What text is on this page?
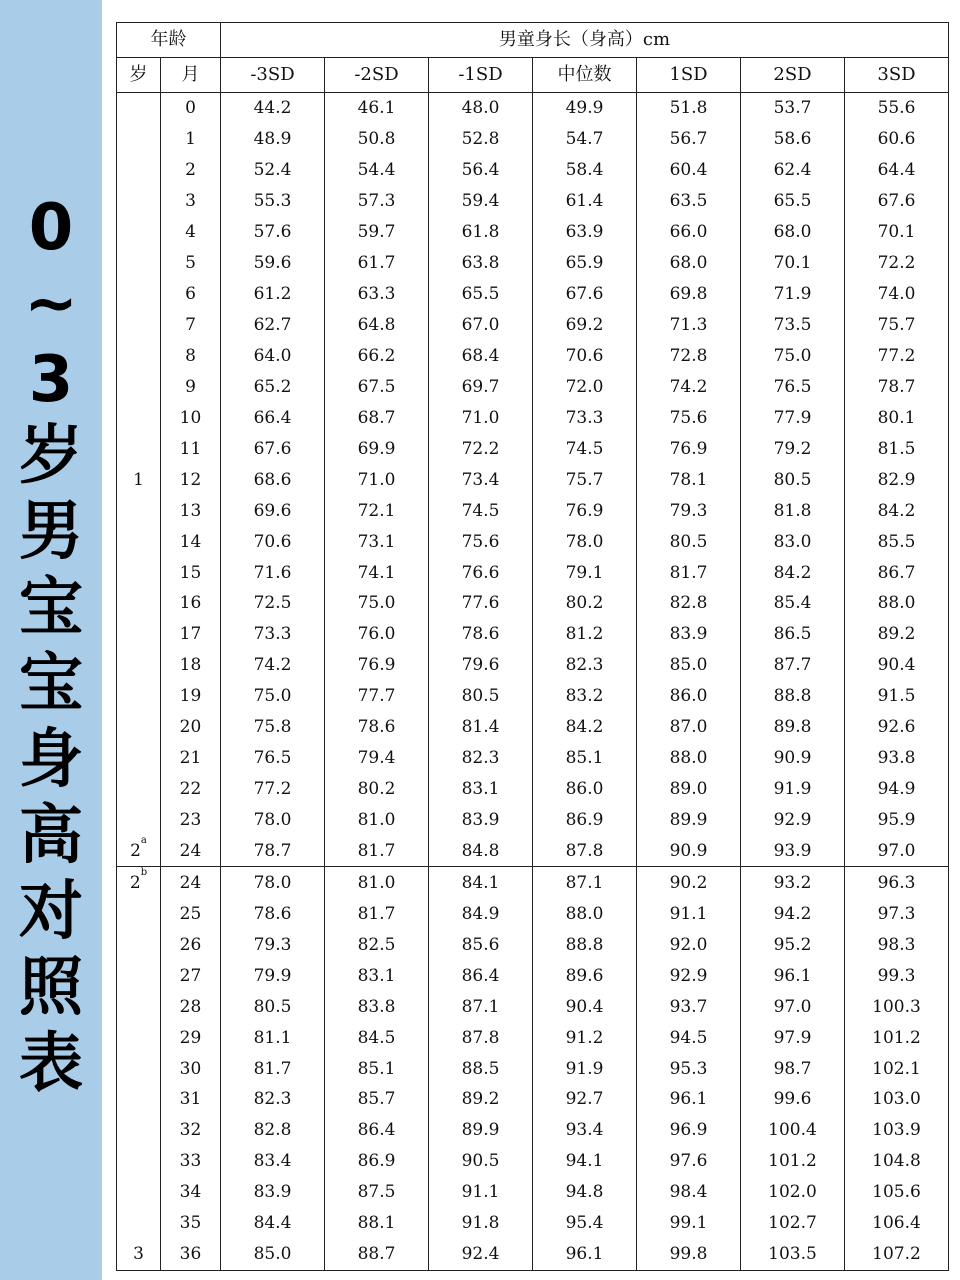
0
~
3
岁
男
宝
宝
身
高
对
照
表
年龄		男童身长（身高）cm						
岁	月	-3SD	-2SD	-1SD	中位数	1SD	2SD	3SD
	0	44.2	46.1	48.0	49.9	51.8	53.7	55.6
	1	48.9	50.8	52.8	54.7	56.7	58.6	60.6
	2	52.4	54.4	56.4	58.4	60.4	62.4	64.4
	3	55.3	57.3	59.4	61.4	63.5	65.5	67.6
	4	57.6	59.7	61.8	63.9	66.0	68.0	70.1
	5	59.6	61.7	63.8	65.9	68.0	70.1	72.2
	6	61.2	63.3	65.5	67.6	69.8	71.9	74.0
	7	62.7	64.8	67.0	69.2	71.3	73.5	75.7
	8	64.0	66.2	68.4	70.6	72.8	75.0	77.2
	9	65.2	67.5	69.7	72.0	74.2	76.5	78.7
	10	66.4	68.7	71.0	73.3	75.6	77.9	80.1
	11	67.6	69.9	72.2	74.5	76.9	79.2	81.5
1	12	68.6	71.0	73.4	75.7	78.1	80.5	82.9
	13	69.6	72.1	74.5	76.9	79.3	81.8	84.2
	14	70.6	73.1	75.6	78.0	80.5	83.0	85.5
	15	71.6	74.1	76.6	79.1	81.7	84.2	86.7
	16	72.5	75.0	77.6	80.2	82.8	85.4	88.0
	17	73.3	76.0	78.6	81.2	83.9	86.5	89.2
	18	74.2	76.9	79.6	82.3	85.0	87.7	90.4
	19	75.0	77.7	80.5	83.2	86.0	88.8	91.5
	20	75.8	78.6	81.4	84.2	87.0	89.8	92.6
	21	76.5	79.4	82.3	85.1	88.0	90.9	93.8
	22	77.2	80.2	83.1	86.0	89.0	91.9	94.9
	23	78.0	81.0	83.9	86.9	89.9	92.9	95.9
2$^a$	24	78.7	81.7	84.8	87.8	90.9	93.9	97.0
2$^b$	24	78.0	81.0	84.1	87.1	90.2	93.2	96.3
	25	78.6	81.7	84.9	88.0	91.1	94.2	97.3
	26	79.3	82.5	85.6	88.8	92.0	95.2	98.3
	27	79.9	83.1	86.4	89.6	92.9	96.1	99.3
	28	80.5	83.8	87.1	90.4	93.7	97.0	100.3
	29	81.1	84.5	87.8	91.2	94.5	97.9	101.2
	30	81.7	85.1	88.5	91.9	95.3	98.7	102.1
	31	82.3	85.7	89.2	92.7	96.1	99.6	103.0
	32	82.8	86.4	89.9	93.4	96.9	100.4	103.9
	33	83.4	86.9	90.5	94.1	97.6	101.2	104.8
	34	83.9	87.5	91.1	94.8	98.4	102.0	105.6
	35	84.4	88.1	91.8	95.4	99.1	102.7	106.4
3	36	85.0	88.7	92.4	96.1	99.8	103.5	107.2
